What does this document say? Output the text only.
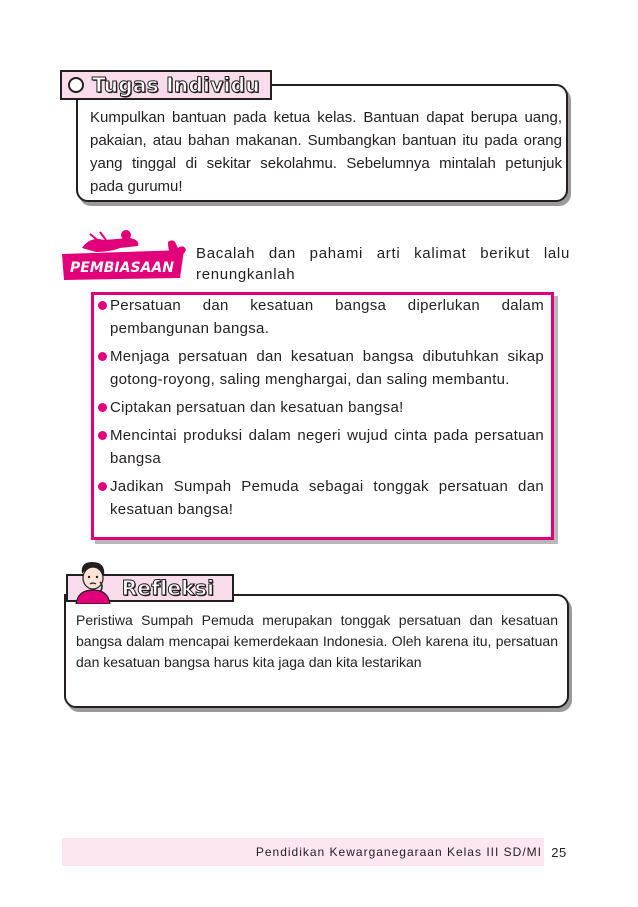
Tugas Individu

Kumpulkan bantuan pada ketua kelas. Bantuan dapat berupa uang, pakaian, atau bahan makanan. Sumbangkan bantuan itu pada orang yang tinggal di sekitar sekolahmu. Sebelumnya mintalah petunjuk pada gurumu!

PEMBIASAAN

Bacalah dan pahami arti kalimat berikut lalu renungkanlah

Persatuan dan kesatuan bangsa diperlukan dalam pembangunan bangsa.
Menjaga persatuan dan kesatuan bangsa dibutuhkan sikap gotong-royong, saling menghargai, dan saling membantu.
Ciptakan persatuan dan kesatuan bangsa!
Mencintai produksi dalam negeri wujud cinta pada persatuan bangsa
Jadikan Sumpah Pemuda sebagai tonggak persatuan dan kesatuan bangsa!
Refleksi

Peristiwa Sumpah Pemuda merupakan tonggak persatuan dan kesatuan bangsa dalam mencapai kemerdekaan Indonesia. Oleh karena itu, persatuan dan kesatuan bangsa harus kita jaga dan kita lestarikan

Pendidikan Kewarganegaraan Kelas III SD/MI 25
